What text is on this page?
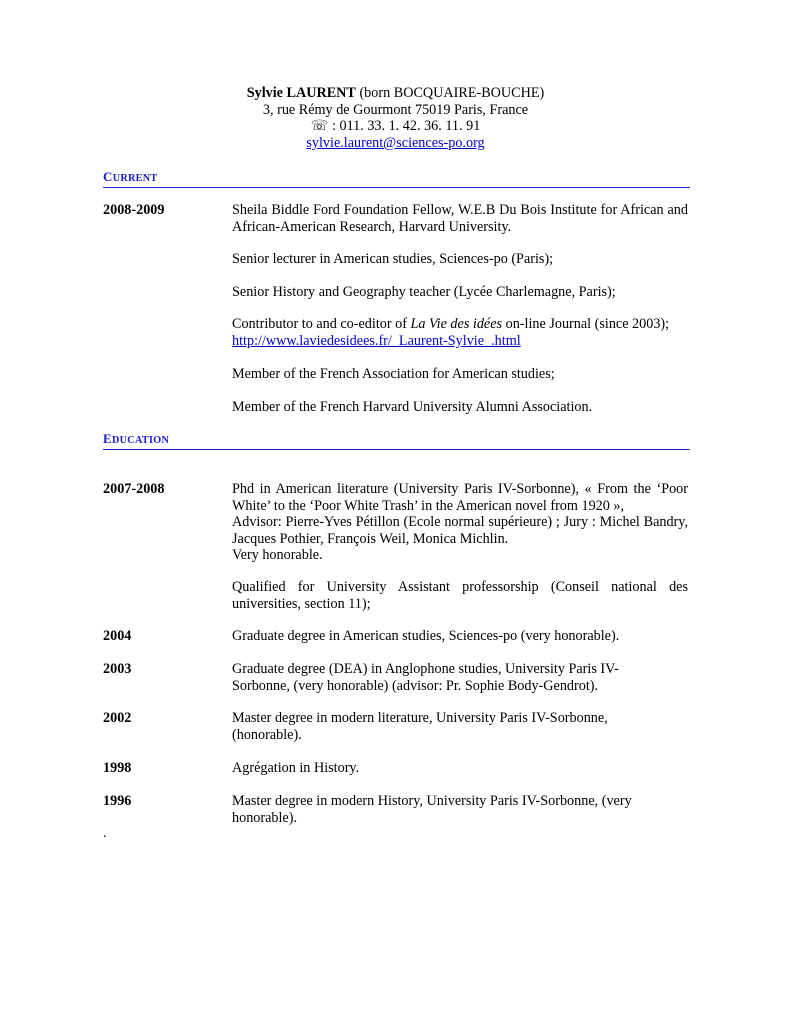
Sylvie LAURENT (born BOCQUAIRE-BOUCHE)
3, rue Rémy de Gourmont 75019 Paris, France
☏ : 011. 33. 1. 42. 36. 11. 91
sylvie.laurent@sciences-po.org
CURRENT
2008-2009	Sheila Biddle Ford Foundation Fellow, W.E.B Du Bois Institute for African and African-American Research, Harvard University.
Senior lecturer in American studies, Sciences-po (Paris);
Senior History and Geography teacher (Lycée Charlemagne, Paris);
Contributor to and co-editor of La Vie des idées on-line Journal (since 2003);
http://www.laviedesidees.fr/_Laurent-Sylvie_.html
Member of the French Association for American studies;
Member of the French Harvard University Alumni Association.
EDUCATION
2007-2008	Phd in American literature (University Paris IV-Sorbonne), « From the ‘Poor White’ to the ‘Poor White Trash’ in the American novel from 1920 »,
Advisor: Pierre-Yves Pétillon (Ecole normal supérieure) ; Jury : Michel Bandry, Jacques Pothier, François Weil, Monica Michlin.
Very honorable.
Qualified for University Assistant professorship (Conseil national des universities, section 11);
2004	Graduate degree in American studies, Sciences-po (very honorable).
2003	Graduate degree (DEA) in Anglophone studies, University Paris IV-Sorbonne, (very honorable) (advisor: Pr. Sophie Body-Gendrot).
2002	Master degree in modern literature, University Paris IV-Sorbonne, (honorable).
1998	Agrégation in History.
1996	Master degree in modern History, University Paris IV-Sorbonne, (very honorable).
.
